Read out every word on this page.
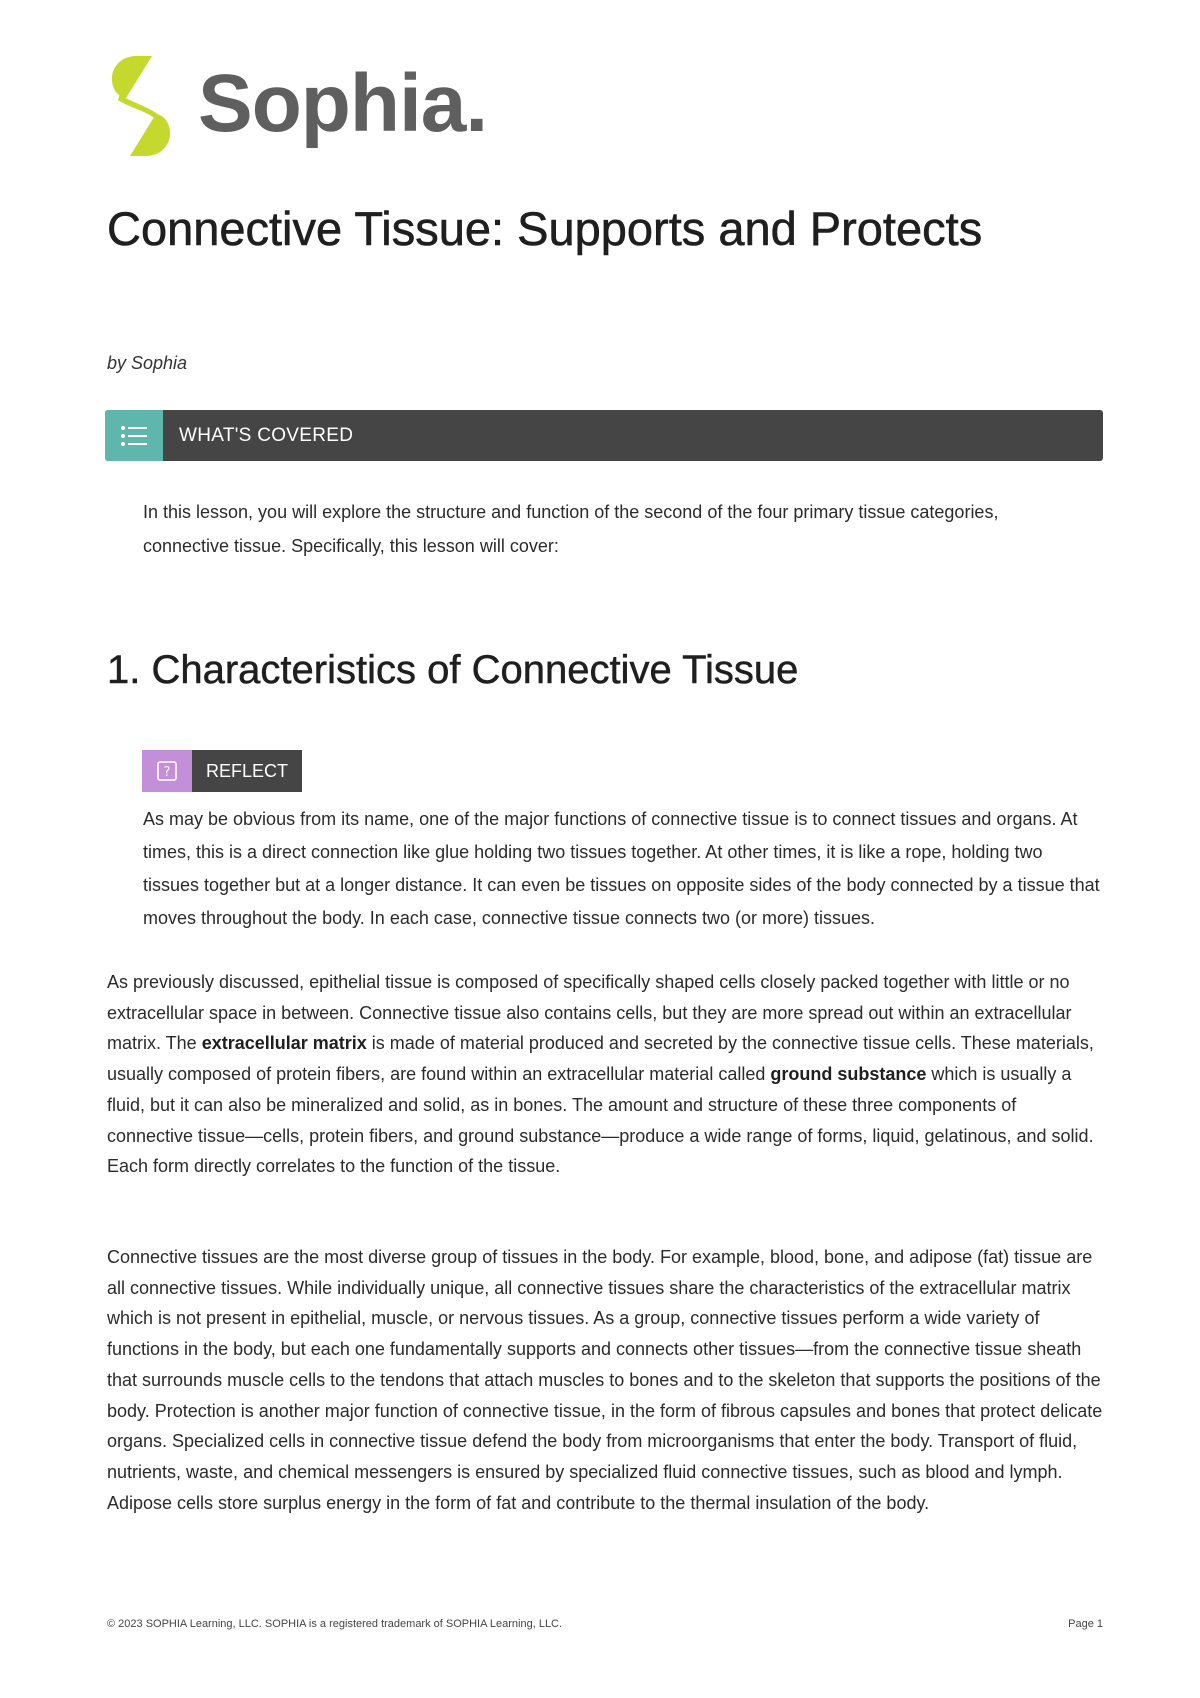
Sophia.
Connective Tissue: Supports and Protects
by Sophia
WHAT'S COVERED

In this lesson, you will explore the structure and function of the second of the four primary tissue categories, connective tissue. Specifically, this lesson will cover:

1. Characteristics of Connective Tissue
?	REFLECT

As may be obvious from its name, one of the major functions of connective tissue is to connect tissues and organs. At times, this is a direct connection like glue holding two tissues together. At other times, it is like a rope, holding two tissues together but at a longer distance. It can even be tissues on opposite sides of the body connected by a tissue that moves throughout the body. In each case, connective tissue connects two (or more) tissues.

As previously discussed, epithelial tissue is composed of specifically shaped cells closely packed together with little or no extracellular space in between. Connective tissue also contains cells, but they are more spread out within an extracellular matrix. The extracellular matrix is made of material produced and secreted by the connective tissue cells. These materials, usually composed of protein fibers, are found within an extracellular material called ground substance which is usually a fluid, but it can also be mineralized and solid, as in bones. The amount and structure of these three components of connective tissue—cells, protein fibers, and ground substance—produce a wide range of forms, liquid, gelatinous, and solid. Each form directly correlates to the function of the tissue.

Connective tissues are the most diverse group of tissues in the body. For example, blood, bone, and adipose (fat) tissue are all connective tissues. While individually unique, all connective tissues share the characteristics of the extracellular matrix which is not present in epithelial, muscle, or nervous tissues. As a group, connective tissues perform a wide variety of functions in the body, but each one fundamentally supports and connects other tissues—from the connective tissue sheath that surrounds muscle cells to the tendons that attach muscles to bones and to the skeleton that supports the positions of the body. Protection is another major function of connective tissue, in the form of fibrous capsules and bones that protect delicate organs. Specialized cells in connective tissue defend the body from microorganisms that enter the body. Transport of fluid, nutrients, waste, and chemical messengers is ensured by specialized fluid connective tissues, such as blood and lymph. Adipose cells store surplus energy in the form of fat and contribute to the thermal insulation of the body.

© 2023 SOPHIA Learning, LLC. SOPHIA is a registered trademark of SOPHIA Learning, LLC.	Page 1
